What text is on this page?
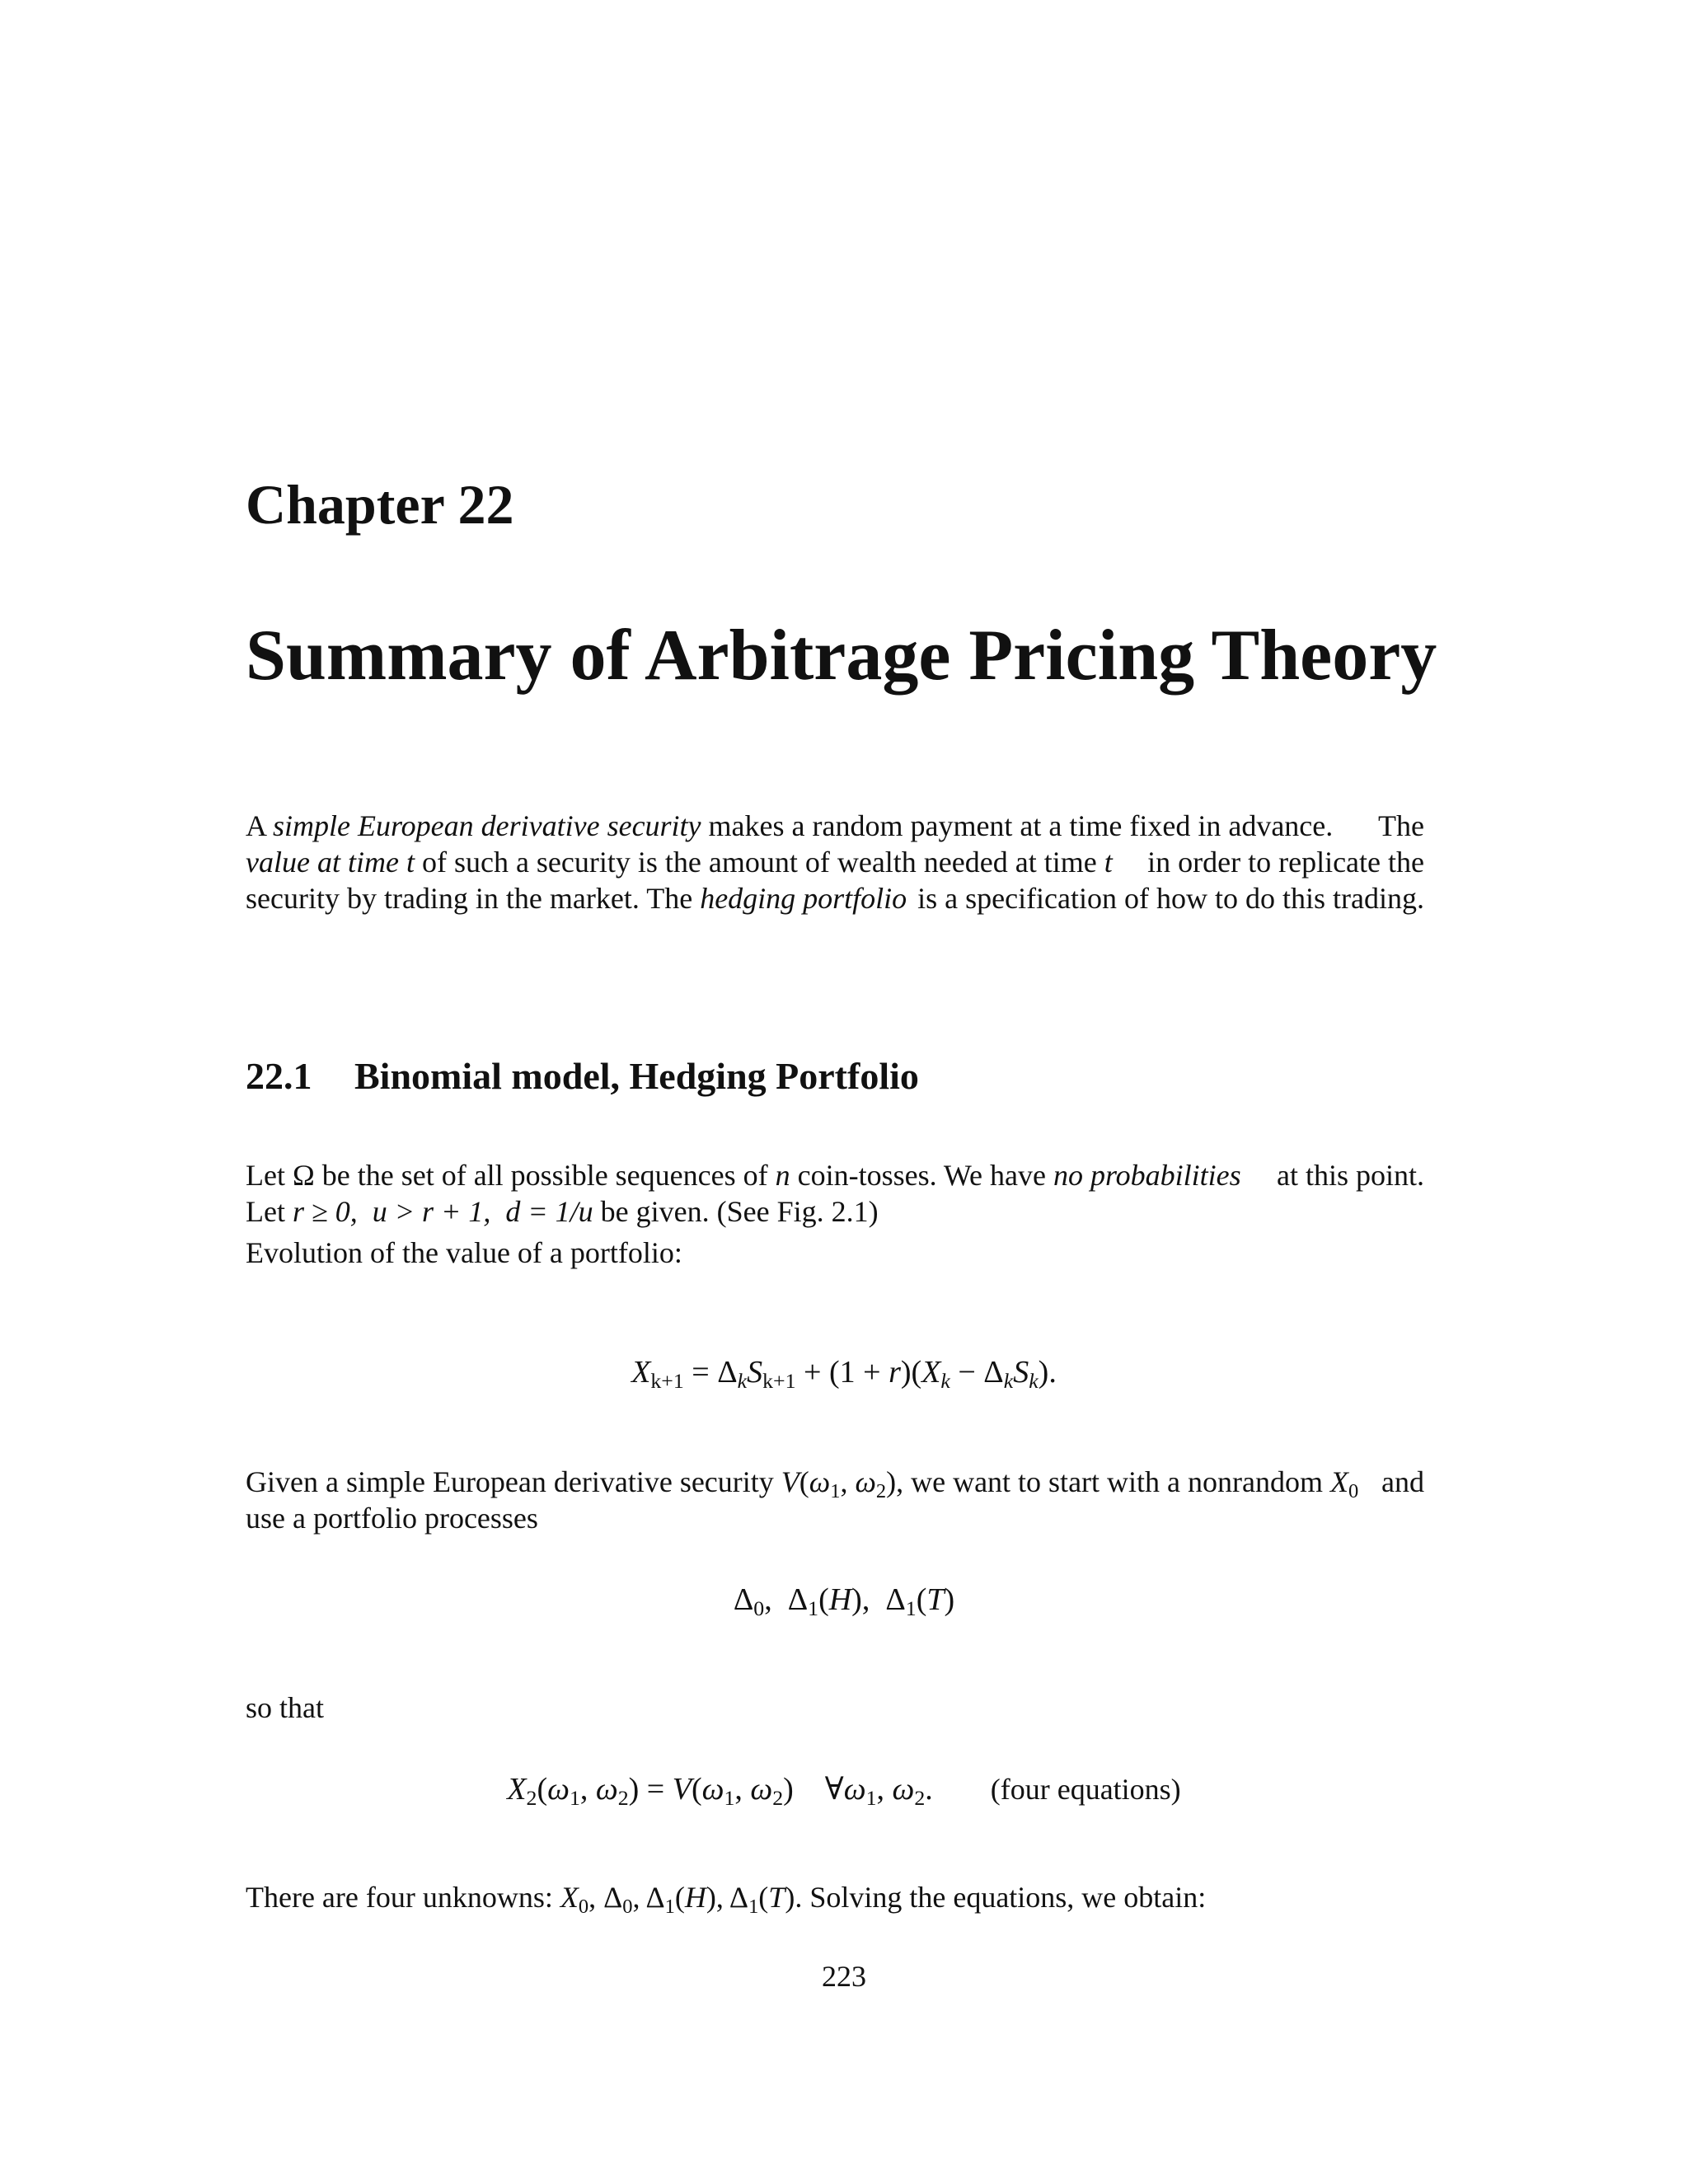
Chapter 22
Summary of Arbitrage Pricing Theory
A simple European derivative security makes a random payment at a time fixed in advance. The
value at time t of such a security is the amount of wealth needed at time t in order to replicate the
security by trading in the market. The hedging portfolio is a specification of how to do this trading.
22.1 Binomial model, Hedging Portfolio
Let Ω be the set of all possible sequences of n coin-tosses. We have no probabilities at this point.
Let r ≥ 0,  u > r + 1,  d = 1/u be given. (See Fig. 2.1)
Evolution of the value of a portfolio:
$X_{k+1} = \Delta_kS_{k+1} + (1 + r)(X_k - \Delta_kS_k)$.
Given a simple European derivative security $V(\omega_1$, $\omega_2$), we want to start with a nonrandom $X_0$ and
use a portfolio processes
$\Delta_0$,  $\Delta_1(H)$,  $\Delta_1(T)$
so that
$X_2(\omega_1$, $\omega_2) = V(\omega_1$, $\omega_2$)    $\forall\omega_1$, $\omega_2$. (four equations)
There are four unknowns: $X_0$, $\Delta_0$, $\Delta_1(H)$, $\Delta_1(T)$. Solving the equations, we obtain:
223
